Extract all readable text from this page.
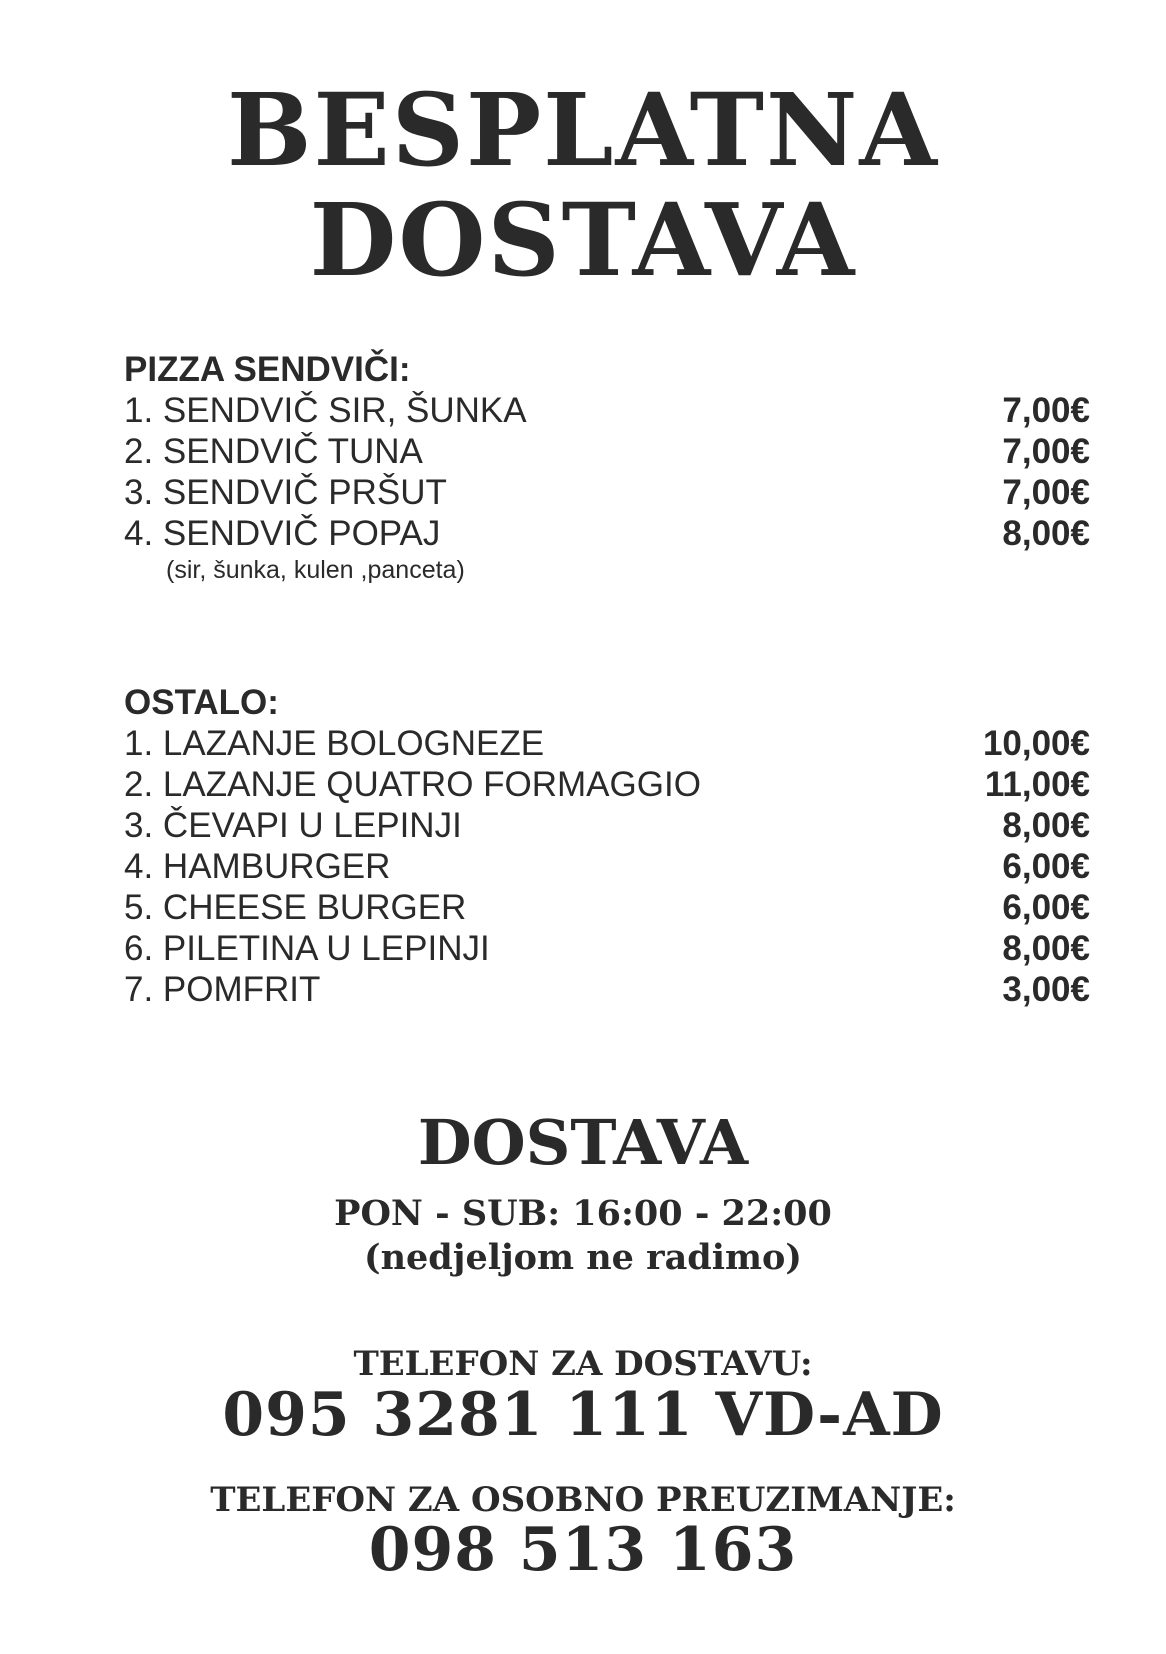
BESPLATNA
DOSTAVA
PIZZA SENDVIČI:
1. SENDVIČ SIR, ŠUNKA	7,00€
2. SENDVIČ TUNA	7,00€
3. SENDVIČ PRŠUT	7,00€
4. SENDVIČ POPAJ	8,00€
(sir, šunka, kulen ,panceta)
OSTALO:
1. LAZANJE BOLOGNEZE	10,00€
2. LAZANJE QUATRO FORMAGGIO	11,00€
3. ČEVAPI U LEPINJI	8,00€
4. HAMBURGER	6,00€
5. CHEESE BURGER	6,00€
6. PILETINA U LEPINJI	8,00€
7. POMFRIT	3,00€
DOSTAVA
PON - SUB: 16:00 - 22:00
(nedjeljom ne radimo)
TELEFON ZA DOSTAVU:
095 3281 111 VD-AD
TELEFON ZA OSOBNO PREUZIMANJE:
098 513 163
